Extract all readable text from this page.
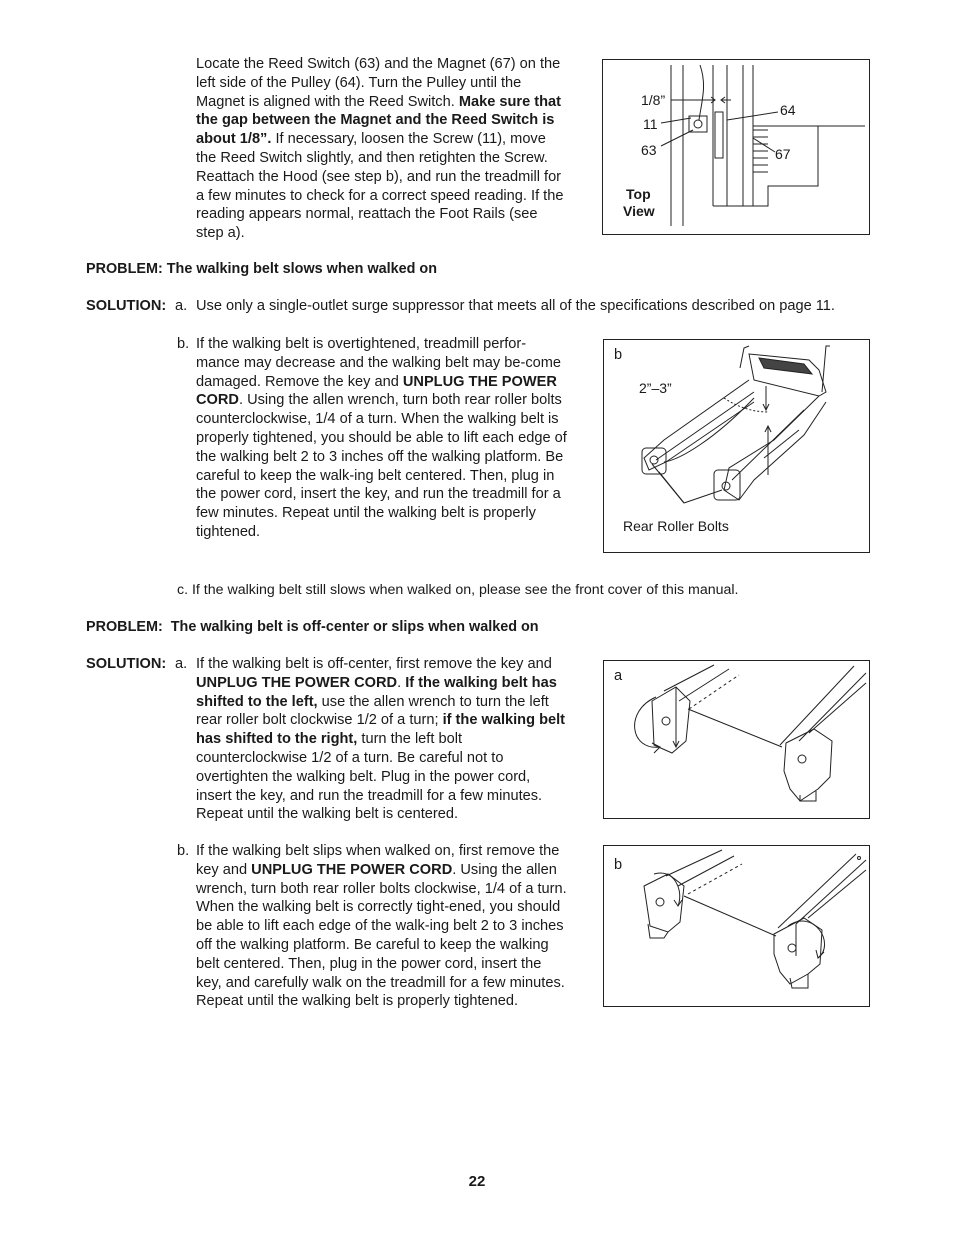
Locate the Reed Switch (63) and the Magnet (67) on the left side of the Pulley (64). Turn the Pulley until the Magnet is aligned with the Reed Switch. Make sure that the gap between the Magnet and the Reed Switch is about 1/8”. If necessary, loosen the Screw (11), move the Reed Switch slightly, and then retighten the Screw. Reattach the Hood (see step b), and run the treadmill for a few minutes to check for a correct speed reading. If the reading appears normal, reattach the Foot Rails (see step a).

1/8”
11
63
64
67
Top
View
PROBLEM: The walking belt slows when walked on
SOLUTION: a. Use only a single-outlet surge suppressor that meets all of the specifications described on page 11.
b. If the walking belt is overtightened, treadmill perfor-mance may decrease and the walking belt may be-come damaged. Remove the key and UNPLUG THE POWER CORD. Using the allen wrench, turn both rear roller bolts counterclockwise, 1/4 of a turn. When the walking belt is properly tightened, you should be able to lift each edge of the walking belt 2 to 3 inches off the walking platform. Be careful to keep the walk-ing belt centered. Then, plug in the power cord, insert the key, and run the treadmill for a few minutes. Repeat until the walking belt is properly tightened.

b
2”–3”
Rear Roller Bolts
c. If the walking belt still slows when walked on, please see the front cover of this manual.
PROBLEM:  The walking belt is off-center or slips when walked on
SOLUTION: a. If the walking belt is off-center, first remove the key and UNPLUG THE POWER CORD. If the walking belt has shifted to the left, use the allen wrench to turn the left rear roller bolt clockwise 1/2 of a turn; if the walking belt has shifted to the right, turn the left bolt counterclockwise 1/2 of a turn. Be careful not to overtighten the walking belt. Plug in the power cord, insert the key, and run the treadmill for a few minutes. Repeat until the walking belt is centered.

a
b. If the walking belt slips when walked on, first remove the key and UNPLUG THE POWER CORD. Using the allen wrench, turn both rear roller bolts clockwise, 1/4 of a turn. When the walking belt is correctly tight-ened, you should be able to lift each edge of the walk-ing belt 2 to 3 inches off the walking platform. Be careful to keep the walking belt centered. Then, plug in the power cord, insert the key, and carefully walk on the treadmill for a few minutes. Repeat until the walking belt is properly tightened.

b
22
